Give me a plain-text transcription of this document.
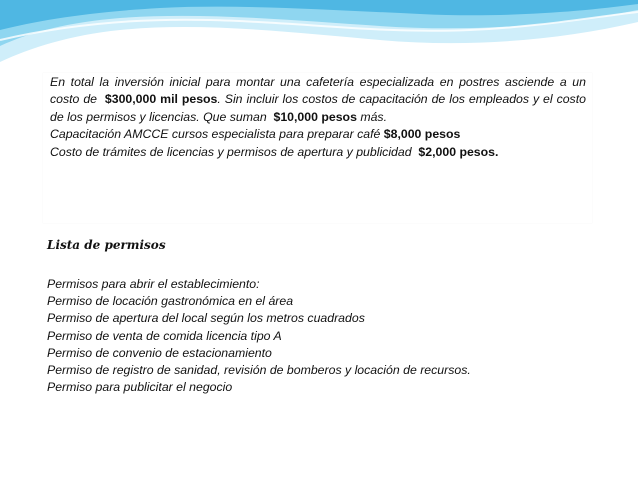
En total la inversión inicial para montar una cafetería especializada en postres asciende a un costo de $300,000 mil pesos. Sin incluir los costos de capacitación de los empleados y el costo de los permisos y licencias. Que suman $10,000 pesos más.

Capacitación AMCCE cursos especialista para preparar café $8,000 pesos

Costo de trámites de licencias y permisos de apertura y publicidad $2,000 pesos.

Lista de permisos
Permisos para abrir el establecimiento:
Permiso de locación gastronómica en el área
Permiso de apertura del local según los metros cuadrados
Permiso de venta de comida licencia tipo A
Permiso de convenio de estacionamiento
Permiso de registro de sanidad, revisión de bomberos y locación de recursos.
Permiso para publicitar el negocio
